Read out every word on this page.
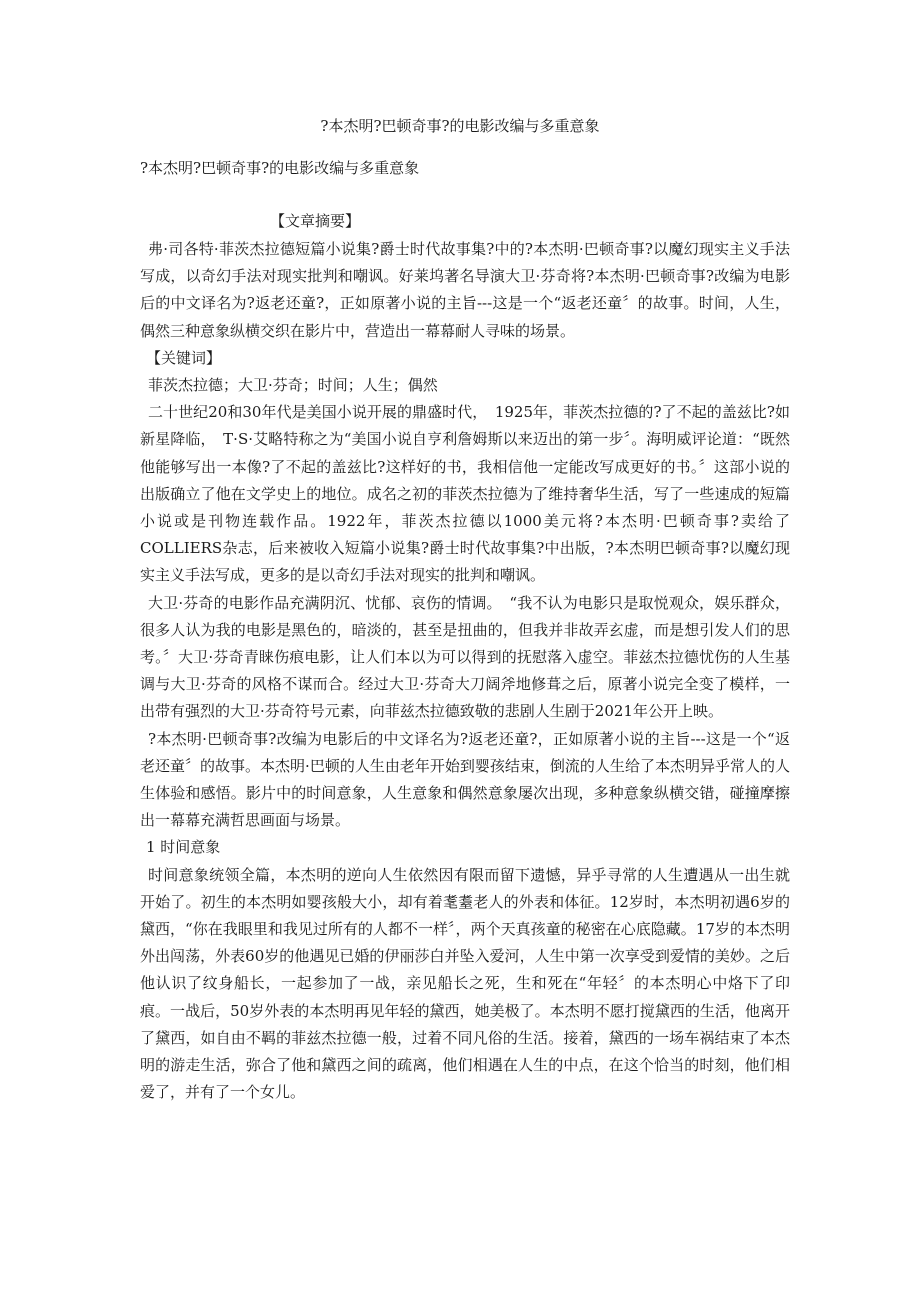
?本杰明?巴顿奇事?的电影改编与多重意象
?本杰明?巴顿奇事?的电影改编与多重意象
【文章摘要】

弗·司各特·菲茨杰拉德短篇小说集?爵士时代故事集?中的?本杰明·巴顿奇事?以魔幻现实主义手法写成，以奇幻手法对现实批判和嘲讽。好莱坞著名导演大卫·芬奇将?本杰明·巴顿奇事?改编为电影后的中文译名为?返老还童?，正如原著小说的主旨---这是一个“返老还童〞的故事。时间，人生，偶然三种意象纵横交织在影片中，营造出一幕幕耐人寻味的场景。

【关键词】

菲茨杰拉德；大卫·芬奇；时间；人生；偶然

二十世纪20和30年代是美国小说开展的鼎盛时代，　1925年，菲茨杰拉德的?了不起的盖兹比?如新星降临，　T·S·艾略特称之为“美国小说自亨利詹姆斯以来迈出的第一步〞。海明威评论道：“既然他能够写出一本像?了不起的盖兹比?这样好的书，我相信他一定能改写成更好的书。〞这部小说的出版确立了他在文学史上的地位。成名之初的菲茨杰拉德为了维持奢华生活，写了一些速成的短篇小说或是刊物连载作品。1922年，菲茨杰拉德以1000美元将?本杰明·巴顿奇事?卖给了COLLIERS杂志，后来被收入短篇小说集?爵士时代故事集?中出版，?本杰明巴顿奇事?以魔幻现实主义手法写成，更多的是以奇幻手法对现实的批判和嘲讽。

大卫·芬奇的电影作品充满阴沉、忧郁、哀伤的情调。　“我不认为电影只是取悦观众，娱乐群众，很多人认为我的电影是黑色的，暗淡的，甚至是扭曲的，但我并非故弄玄虚，而是想引发人们的思考。〞大卫·芬奇青睐伤痕电影，让人们本以为可以得到的抚慰落入虚空。菲兹杰拉德忧伤的人生基调与大卫·芬奇的风格不谋而合。经过大卫·芬奇大刀阔斧地修葺之后，原著小说完全变了模样，一出带有强烈的大卫·芬奇符号元素，向菲兹杰拉德致敬的悲剧人生剧于2021年公开上映。

?本杰明·巴顿奇事?改编为电影后的中文译名为?返老还童?，正如原著小说的主旨---这是一个“返老还童〞的故事。本杰明·巴顿的人生由老年开始到婴孩结束，倒流的人生给了本杰明异乎常人的人生体验和感悟。影片中的时间意象，人生意象和偶然意象屡次出现，多种意象纵横交错，碰撞摩擦出一幕幕充满哲思画面与场景。

1 时间意象

时间意象统领全篇，本杰明的逆向人生依然因有限而留下遗憾，异乎寻常的人生遭遇从一出生就开始了。初生的本杰明如婴孩般大小，却有着耄耋老人的外表和体征。12岁时，本杰明初遇6岁的黛西，“你在我眼里和我见过所有的人都不一样〞，两个天真孩童的秘密在心底隐藏。17岁的本杰明外出闯荡，外表60岁的他遇见已婚的伊丽莎白并坠入爱河，人生中第一次享受到爱情的美妙。之后他认识了纹身船长，一起参加了一战，亲见船长之死，生和死在“年轻〞的本杰明心中烙下了印痕。一战后，50岁外表的本杰明再见年轻的黛西，她美极了。本杰明不愿打搅黛西的生活，他离开了黛西，如自由不羁的菲兹杰拉德一般，过着不同凡俗的生活。接着，黛西的一场车祸结束了本杰明的游走生活，弥合了他和黛西之间的疏离，他们相遇在人生的中点，在这个恰当的时刻，他们相爱了，并有了一个女儿。
